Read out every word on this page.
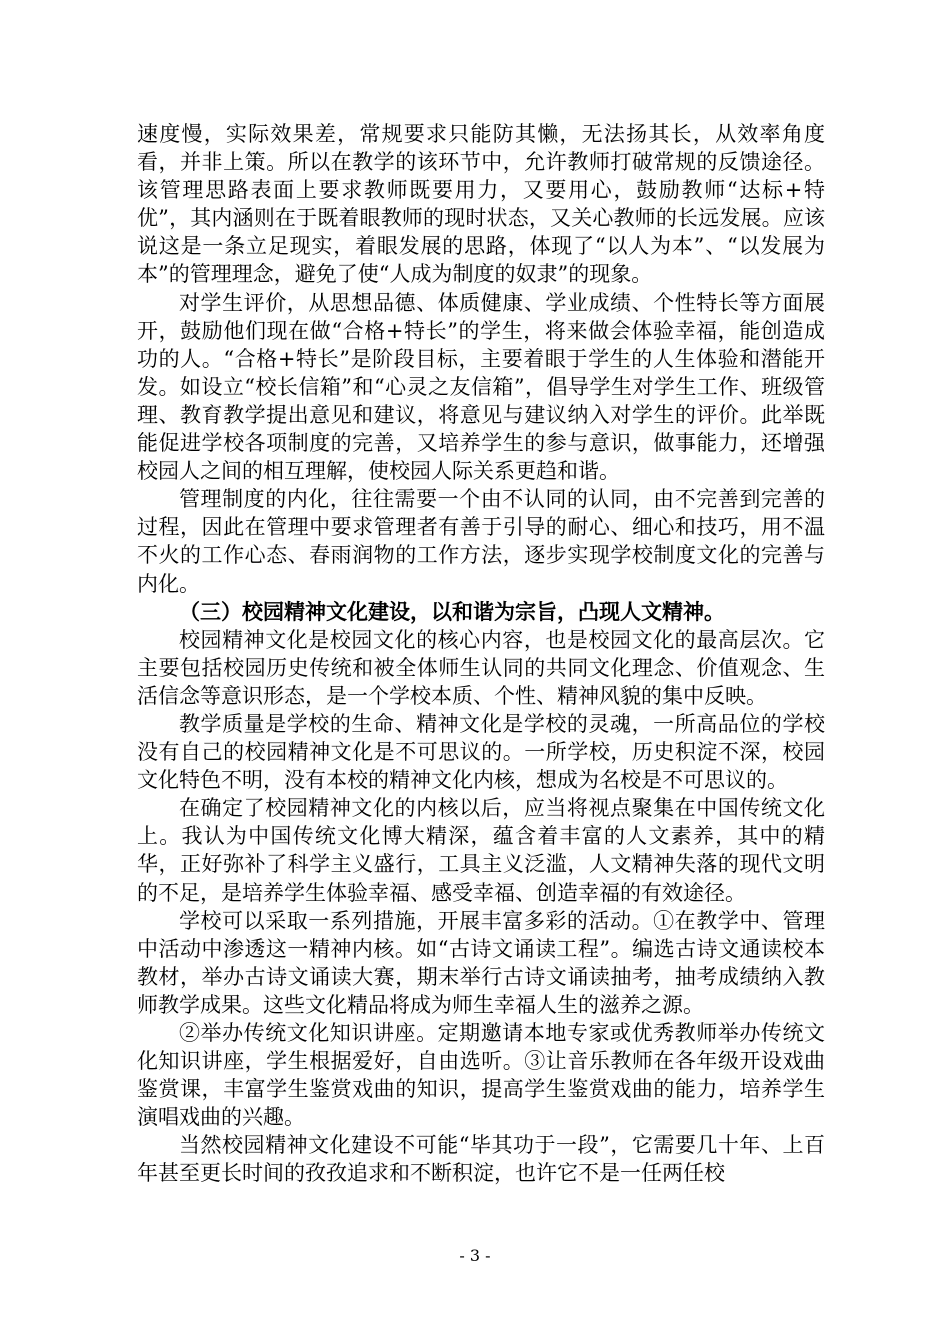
速度慢，实际效果差，常规要求只能防其懒，无法扬其长，从效率角度看，并非上策。所以在教学的该环节中，允许教师打破常规的反馈途径。该管理思路表面上要求教师既要用力，又要用心，鼓励教师“达标+特优”，其内涵则在于既着眼教师的现时状态，又关心教师的长远发展。应该说这是一条立足现实，着眼发展的思路，体现了“以人为本”、“以发展为本”的管理理念，避免了使“人成为制度的奴隶”的现象。

对学生评价，从思想品德、体质健康、学业成绩、个性特长等方面展开，鼓励他们现在做“合格+特长”的学生，将来做会体验幸福，能创造成功的人。“合格+特长”是阶段目标，主要着眼于学生的人生体验和潜能开发。如设立“校长信箱”和“心灵之友信箱”，倡导学生对学生工作、班级管理、教育教学提出意见和建议，将意见与建议纳入对学生的评价。此举既能促进学校各项制度的完善，又培养学生的参与意识，做事能力，还增强校园人之间的相互理解，使校园人际关系更趋和谐。

管理制度的内化，往往需要一个由不认同的认同，由不完善到完善的过程，因此在管理中要求管理者有善于引导的耐心、细心和技巧，用不温不火的工作心态、春雨润物的工作方法，逐步实现学校制度文化的完善与内化。

（三）校园精神文化建设，以和谐为宗旨，凸现人文精神。

校园精神文化是校园文化的核心内容，也是校园文化的最高层次。它主要包括校园历史传统和被全体师生认同的共同文化理念、价值观念、生活信念等意识形态，是一个学校本质、个性、精神风貌的集中反映。

教学质量是学校的生命、精神文化是学校的灵魂，一所高品位的学校没有自己的校园精神文化是不可思议的。一所学校，历史积淀不深，校园文化特色不明，没有本校的精神文化内核，想成为名校是不可思议的。

在确定了校园精神文化的内核以后，应当将视点聚集在中国传统文化上。我认为中国传统文化博大精深，蕴含着丰富的人文素养，其中的精华，正好弥补了科学主义盛行，工具主义泛滥，人文精神失落的现代文明的不足，是培养学生体验幸福、感受幸福、创造幸福的有效途径。

学校可以采取一系列措施，开展丰富多彩的活动。①在教学中、管理中活动中渗透这一精神内核。如“古诗文诵读工程”。编选古诗文通读校本教材，举办古诗文诵读大赛，期末举行古诗文诵读抽考，抽考成绩纳入教师教学成果。这些文化精品将成为师生幸福人生的滋养之源。

②举办传统文化知识讲座。定期邀请本地专家或优秀教师举办传统文化知识讲座，学生根据爱好，自由选听。③让音乐教师在各年级开设戏曲鉴赏课，丰富学生鉴赏戏曲的知识，提高学生鉴赏戏曲的能力，培养学生演唱戏曲的兴趣。

当然校园精神文化建设不可能“毕其功于一段”，它需要几十年、上百年甚至更长时间的孜孜追求和不断积淀，也许它不是一任两任校

- 3 -
